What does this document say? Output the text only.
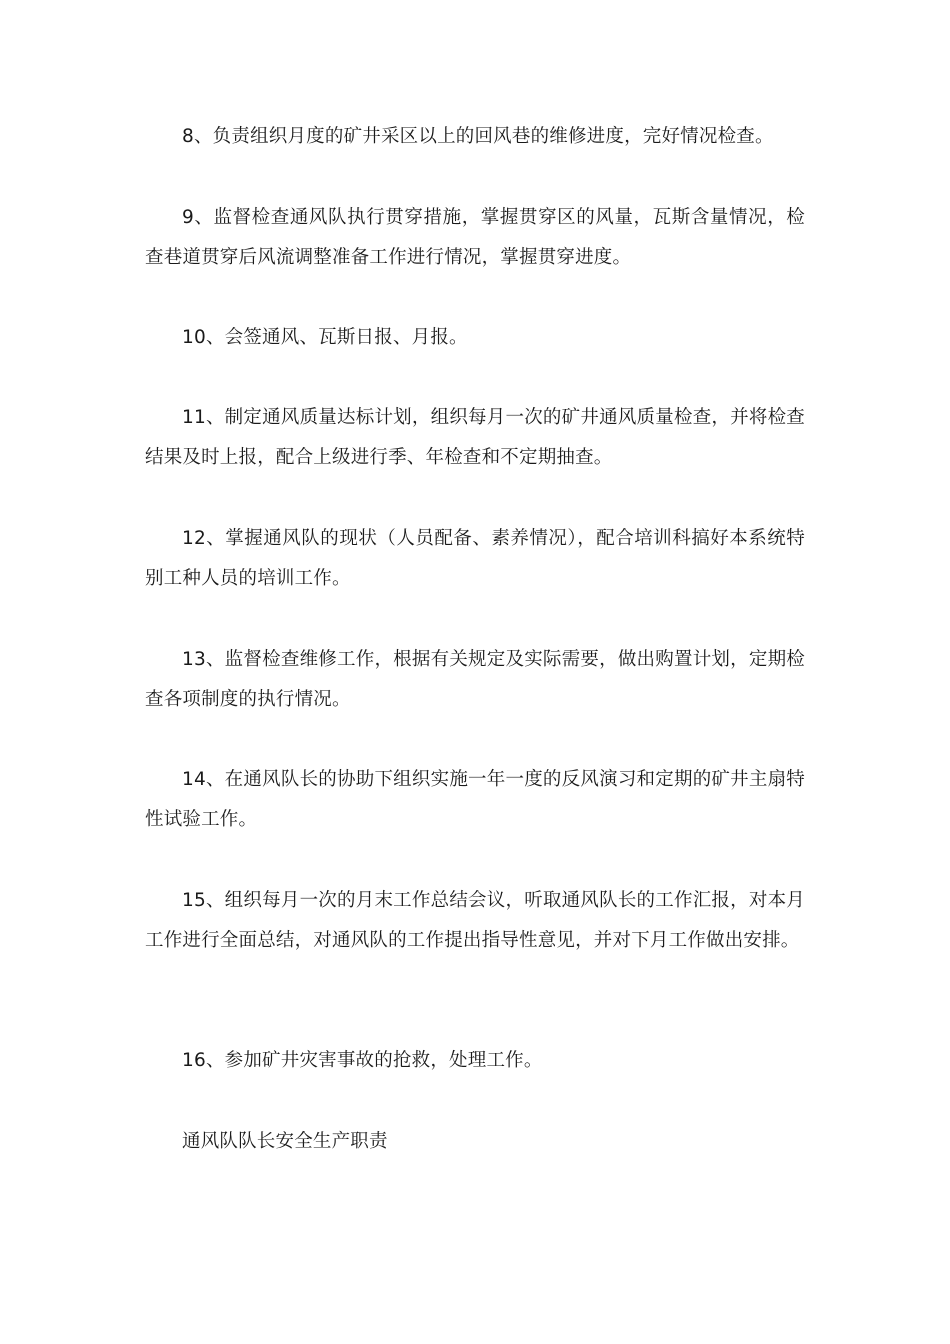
8、负责组织月度的矿井采区以上的回风巷的维修进度，完好情况检查。

9、监督检查通风队执行贯穿措施，掌握贯穿区的风量，瓦斯含量情况，检查巷道贯穿后风流调整准备工作进行情况，掌握贯穿进度。

10、会签通风、瓦斯日报、月报。

11、制定通风质量达标计划，组织每月一次的矿井通风质量检查，并将检查结果及时上报，配合上级进行季、年检查和不定期抽查。

12、掌握通风队的现状（人员配备、素养情况），配合培训科搞好本系统特别工种人员的培训工作。

13、监督检查维修工作，根据有关规定及实际需要，做出购置计划，定期检查各项制度的执行情况。

14、在通风队长的协助下组织实施一年一度的反风演习和定期的矿井主扇特性试验工作。

15、组织每月一次的月末工作总结会议，听取通风队长的工作汇报，对本月工作进行全面总结，对通风队的工作提出指导性意见，并对下月工作做出安排。

16、参加矿井灾害事故的抢救，处理工作。

通风队队长安全生产职责
